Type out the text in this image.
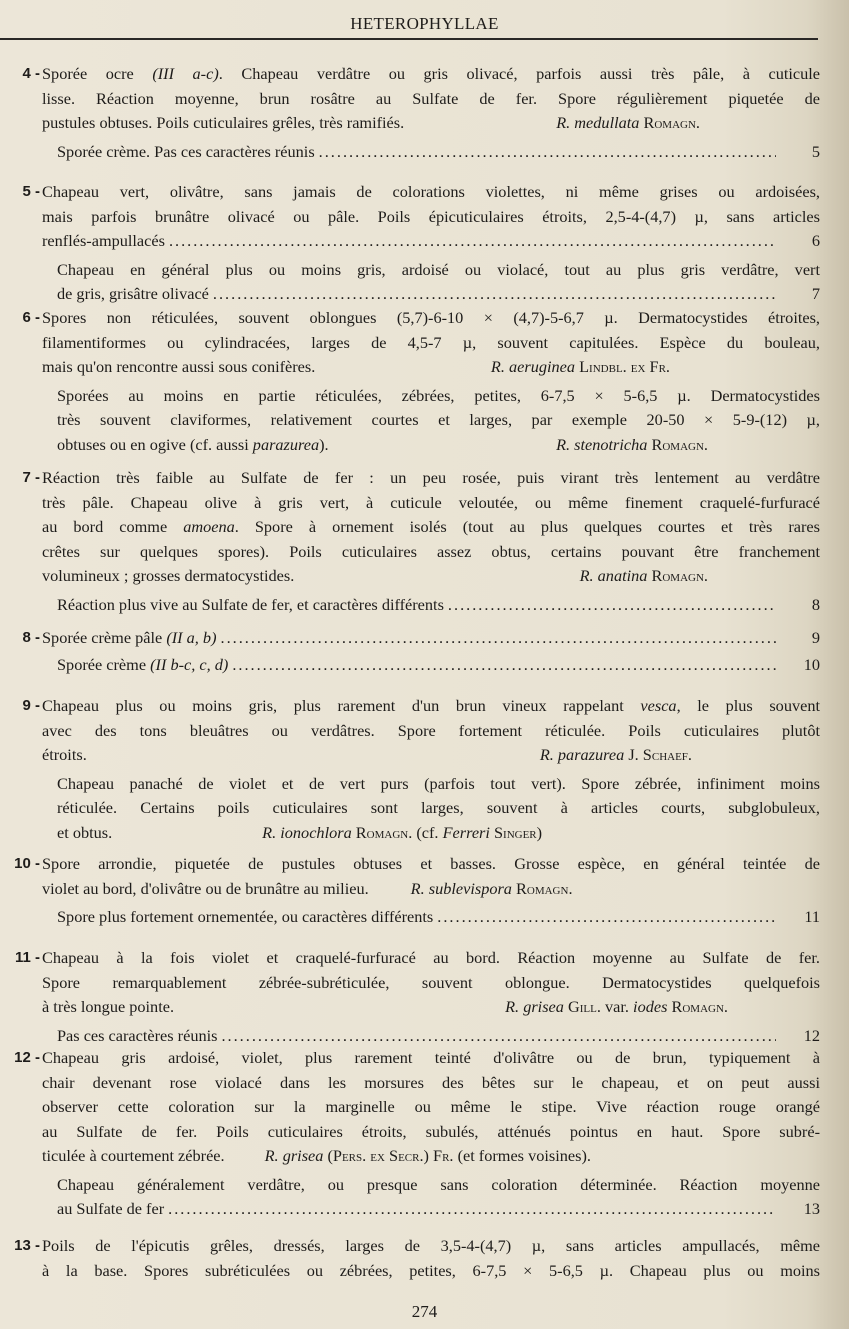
HETEROPHYLLAE
4 - Sporée ocre (III a-c). Chapeau verdâtre ou gris olivacé, parfois aussi très pâle, à cuticule
lisse. Réaction moyenne, brun rosâtre au Sulfate de fer. Spore régulièrement piquetée de
pustules obtuses. Poils cuticulaires grêles, très ramifiés.	R. medullata Romagn.
Sporée crème. Pas ces caractères réunis .....	5
5 - Chapeau vert, olivâtre, sans jamais de colorations violettes, ni même grises ou ardoisées,
mais parfois brunâtre olivacé ou pâle. Poils épicuticulaires étroits, 2,5-4-(4,7) µ, sans articles
renflés-ampullacés .....	6
Chapeau en général plus ou moins gris, ardoisé ou violacé, tout au plus gris verdâtre, vert
de gris, grisâtre olivacé .....	7
6 - Spores non réticulées, souvent oblongues (5,7)-6-10 × (4,7)-5-6,7 µ. Dermatocystides étroites,
filamentiformes ou cylindracées, larges de 4,5-7 µ, souvent capitulées. Espèce du bouleau,
mais qu'on rencontre aussi sous conifères.	R. aeruginea Lindbl. ex Fr.
Sporées au moins en partie réticulées, zébrées, petites, 6-7,5 × 5-6,5 µ. Dermatocystides
très souvent claviformes, relativement courtes et larges, par exemple 20-50 × 5-9-(12) µ,
obtuses ou en ogive (cf. aussi parazurea).	R. stenotricha Romagn.
7 - Réaction très faible au Sulfate de fer : un peu rosée, puis virant très lentement au verdâtre
très pâle. Chapeau olive à gris vert, à cuticule veloutée, ou même finement craquelé-furfuracé
au bord comme amoena. Spore à ornement isolés (tout au plus quelques courtes et très rares
crêtes sur quelques spores). Poils cuticulaires assez obtus, certains pouvant être franchement
volumineux ; grosses dermatocystides.	R. anatina Romagn.
Réaction plus vive au Sulfate de fer, et caractères différents .....	8
8 - Sporée crème pâle (II a, b) .....	9
Sporée crème (II b-c, c, d) .....	10
9 - Chapeau plus ou moins gris, plus rarement d'un brun vineux rappelant vesca, le plus souvent
avec des tons bleuâtres ou verdâtres. Spore fortement réticulée. Poils cuticulaires plutôt
étroits.	R. parazurea J. Schaef.
Chapeau panaché de violet et de vert purs (parfois tout vert). Spore zébrée, infiniment moins
réticulée. Certains poils cuticulaires sont larges, souvent à articles courts, subglobuleux,
et obtus.	R. ionochlora Romagn. (cf. Ferreri Singer)
10 - Spore arrondie, piquetée de pustules obtuses et basses. Grosse espèce, en général teintée de
violet au bord, d'olivâtre ou de brunâtre au milieu.	R. sublevispora Romagn.
Spore plus fortement ornementée, ou caractères différents .....	11
11 - Chapeau à la fois violet et craquelé-furfuracé au bord. Réaction moyenne au Sulfate de fer.
Spore remarquablement zébrée-subréticulée, souvent oblongue. Dermatocystides quelquefois
à très longue pointe.	R. grisea Gill. var. iodes Romagn.
Pas ces caractères réunis .....	12
12 - Chapeau gris ardoisé, violet, plus rarement teinté d'olivâtre ou de brun, typiquement à
chair devenant rose violacé dans les morsures des bêtes sur le chapeau, et on peut aussi
observer cette coloration sur la marginelle ou même le stipe. Vive réaction rouge orangé
au Sulfate de fer. Poils cuticulaires étroits, subulés, atténués pointus en haut. Spore subré-
ticulée à courtement zébrée. R. grisea (Pers. ex Secr.) Fr. (et formes voisines).
Chapeau généralement verdâtre, ou presque sans coloration déterminée. Réaction moyenne
au Sulfate de fer .....	13
13 - Poils de l'épicutis grêles, dressés, larges de 3,5-4-(4,7) µ, sans articles ampullacés, même
à la base. Spores subréticulées ou zébrées, petites, 6-7,5 × 5-6,5 µ. Chapeau plus ou moins
274
